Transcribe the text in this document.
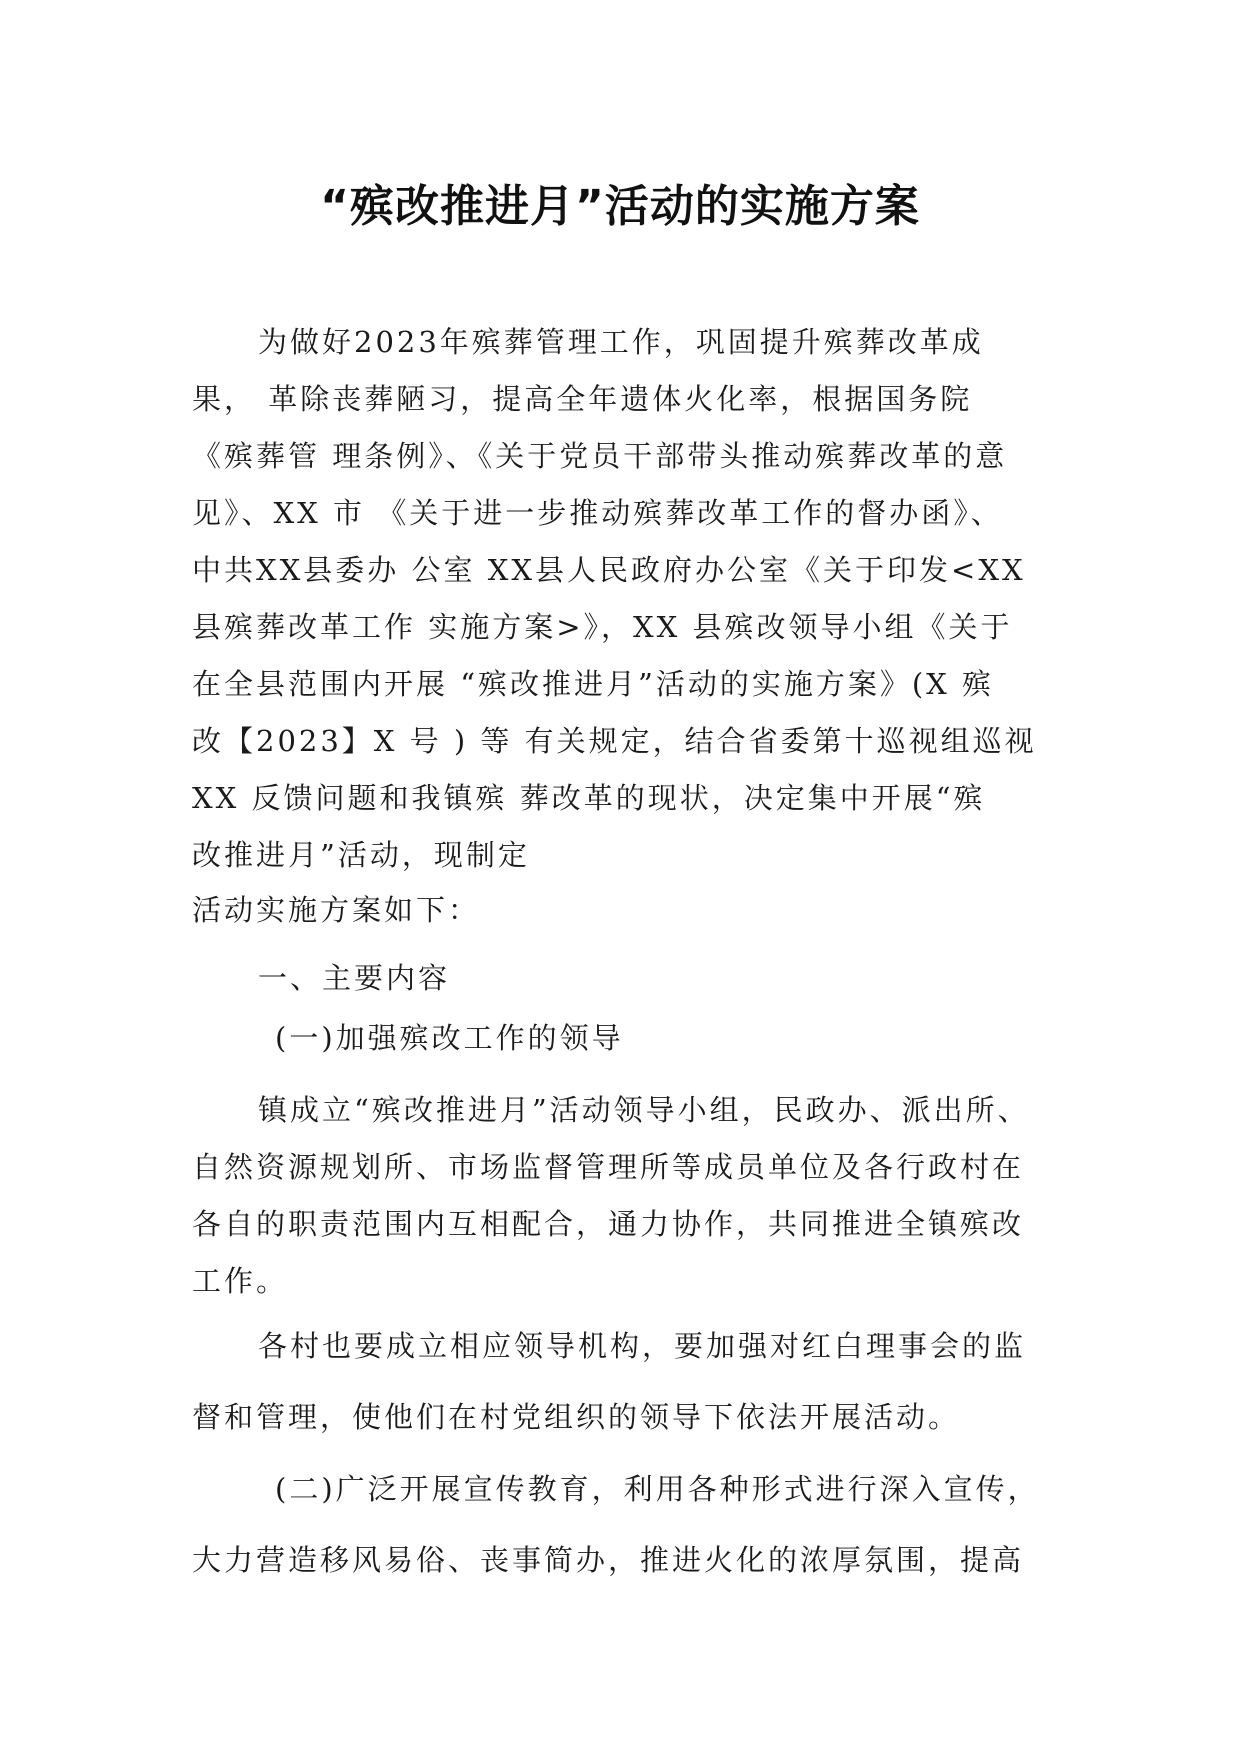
“殡改推进月”活动的实施方案

为做好2023年殡葬管理工作，巩固提升殡葬改革成

果， 革除丧葬陋习，提高全年遗体火化率，根据国务院

《殡葬管 理条例》、《关于党员干部带头推动殡葬改革的意

见》、XX 市 《关于进一步推动殡葬改革工作的督办函》、

中共XX县委办 公室 XX县人民政府办公室《关于印发<XX

县殡葬改革工作 实施方案>》，XX 县殡改领导小组《关于

在全县范围内开展 “殡改推进月”活动的实施方案》(X 殡

改【2023】X 号 ) 等 有关规定，结合省委第十巡视组巡视

XX 反馈问题和我镇殡 葬改革的现状，决定集中开展“殡

改推进月”活动，现制定

活动实施方案如下：

一、主要内容

(一)加强殡改工作的领导

镇成立“殡改推进月”活动领导小组，民政办、派出所、

自然资源规划所、市场监督管理所等成员单位及各行政村在

各自的职责范围内互相配合，通力协作，共同推进全镇殡改

工作。

各村也要成立相应领导机构，要加强对红白理事会的监

督和管理，使他们在村党组织的领导下依法开展活动。

(二)广泛开展宣传教育，利用各种形式进行深入宣传，

大力营造移风易俗、丧事简办，推进火化的浓厚氛围，提高
